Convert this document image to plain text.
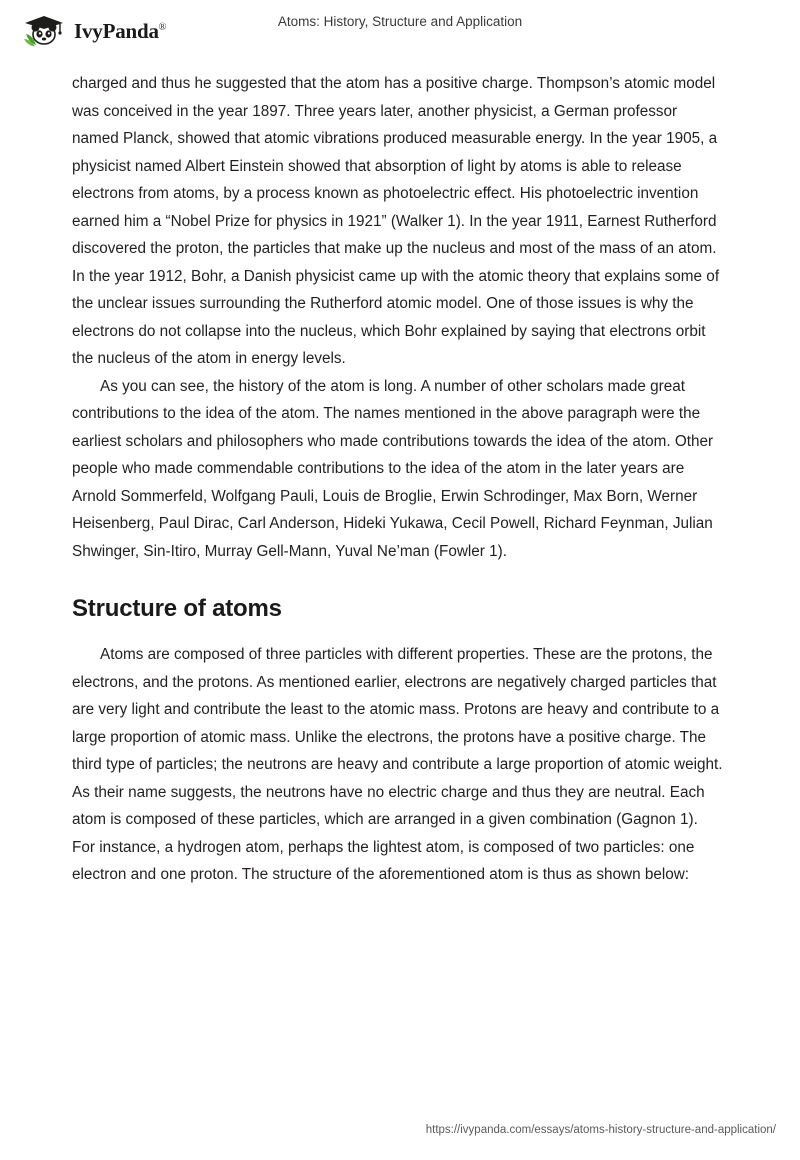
IvyPanda®	Atoms: History, Structure and Application

charged and thus he suggested that the atom has a positive charge. Thompson’s atomic model was conceived in the year 1897. Three years later, another physicist, a German professor named Planck, showed that atomic vibrations produced measurable energy. In the year 1905, a physicist named Albert Einstein showed that absorption of light by atoms is able to release electrons from atoms, by a process known as photoelectric effect. His photoelectric invention earned him a “Nobel Prize for physics in 1921” (Walker 1). In the year 1911, Earnest Rutherford discovered the proton, the particles that make up the nucleus and most of the mass of an atom. In the year 1912, Bohr, a Danish physicist came up with the atomic theory that explains some of the unclear issues surrounding the Rutherford atomic model. One of those issues is why the electrons do not collapse into the nucleus, which Bohr explained by saying that electrons orbit the nucleus of the atom in energy levels.

As you can see, the history of the atom is long. A number of other scholars made great contributions to the idea of the atom. The names mentioned in the above paragraph were the earliest scholars and philosophers who made contributions towards the idea of the atom. Other people who made commendable contributions to the idea of the atom in the later years are Arnold Sommerfeld, Wolfgang Pauli, Louis de Broglie, Erwin Schrodinger, Max Born, Werner Heisenberg, Paul Dirac, Carl Anderson, Hideki Yukawa, Cecil Powell, Richard Feynman, Julian Shwinger, Sin-Itiro, Murray Gell-Mann, Yuval Ne’man (Fowler 1).

Structure of atoms

Atoms are composed of three particles with different properties. These are the protons, the electrons, and the protons. As mentioned earlier, electrons are negatively charged particles that are very light and contribute the least to the atomic mass. Protons are heavy and contribute to a large proportion of atomic mass. Unlike the electrons, the protons have a positive charge. The third type of particles; the neutrons are heavy and contribute a large proportion of atomic weight. As their name suggests, the neutrons have no electric charge and thus they are neutral. Each atom is composed of these particles, which are arranged in a given combination (Gagnon 1). For instance, a hydrogen atom, perhaps the lightest atom, is composed of two particles: one electron and one proton. The structure of the aforementioned atom is thus as shown below:

https://ivypanda.com/essays/atoms-history-structure-and-application/
